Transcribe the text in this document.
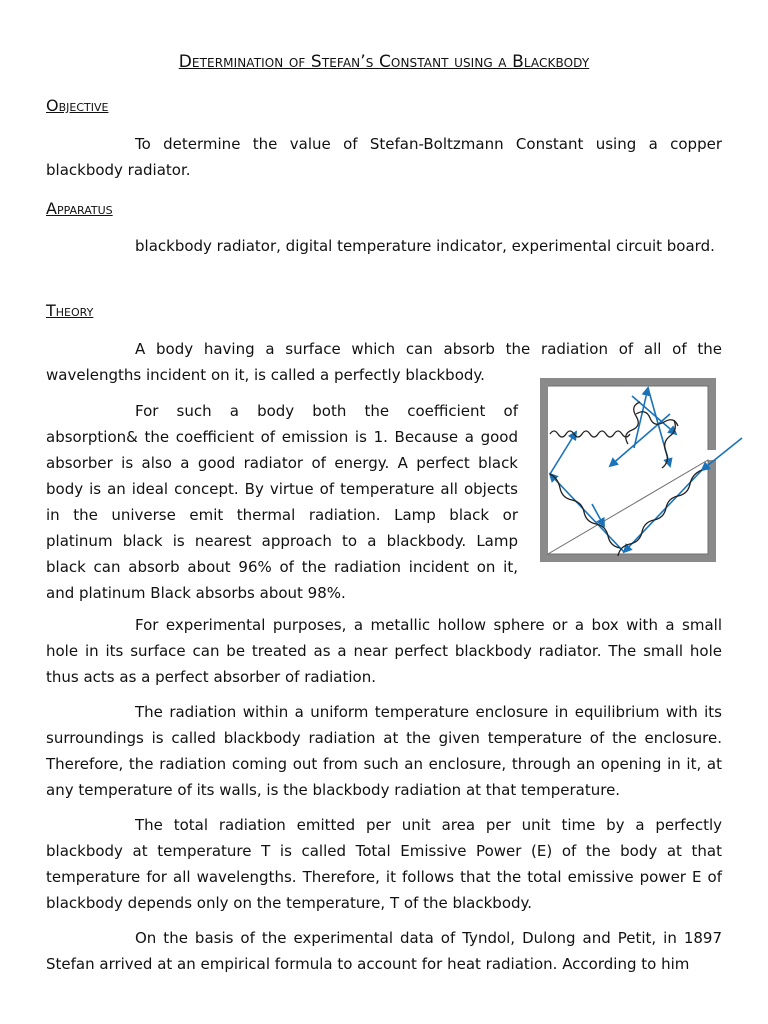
Determination of Stefan’s Constant using a Blackbody
Objective

To determine the value of Stefan-Boltzmann Constant using a copper blackbody radiator.

Apparatus

blackbody radiator, digital temperature indicator, experimental circuit board.

Theory

A body having a surface which can absorb the radiation of all of the wavelengths incident on it, is called a perfectly blackbody.

For such a body both the coefficient of absorption& the coefficient of emission is 1. Because a good absorber is also a good radiator of energy. A perfect black body is an ideal concept. By virtue of temperature all objects in the universe emit thermal radiation. Lamp black or platinum black is nearest approach to a blackbody. Lamp black can absorb about 96% of the radiation incident on it, and platinum Black absorbs about 98%.

For experimental purposes, a metallic hollow sphere or a box with a small hole in its surface can be treated as a near perfect blackbody radiator. The small hole thus acts as a perfect absorber of radiation.

The radiation within a uniform temperature enclosure in equilibrium with its surroundings is called blackbody radiation at the given temperature of the enclosure. Therefore, the radiation coming out from such an enclosure, through an opening in it, at any temperature of its walls, is the blackbody radiation at that temperature.

The total radiation emitted per unit area per unit time by a perfectly blackbody at temperature T is called Total Emissive Power (E) of the body at that temperature for all wavelengths. Therefore, it follows that the total emissive power E of blackbody depends only on the temperature, T of the blackbody.

On the basis of the experimental data of Tyndol, Dulong and Petit, in 1897 Stefan arrived at an empirical formula to account for heat radiation. According to him
